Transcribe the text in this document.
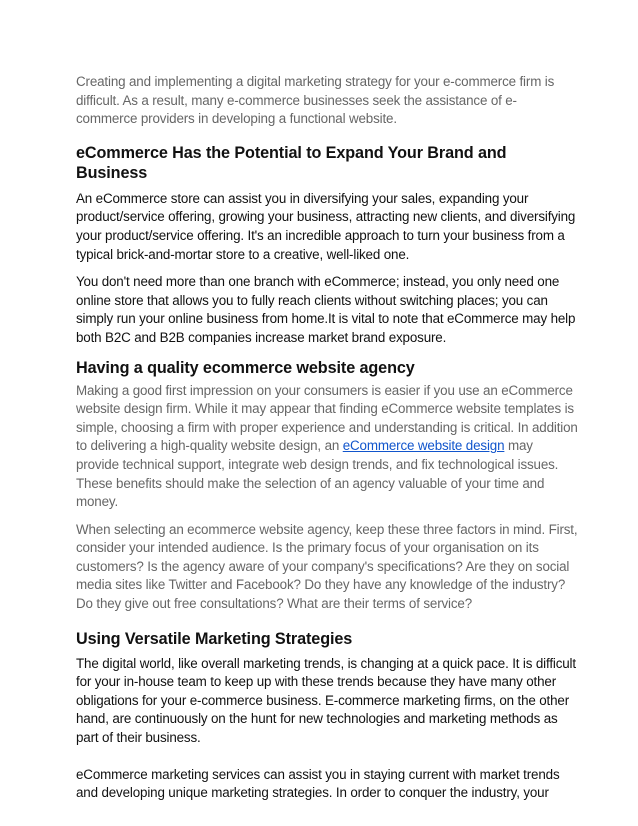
Creating and implementing a digital marketing strategy for your e-commerce firm is difficult. As a result, many e-commerce businesses seek the assistance of e-commerce providers in developing a functional website.

eCommerce Has the Potential to Expand Your Brand and Business

An eCommerce store can assist you in diversifying your sales, expanding your product/service offering, growing your business, attracting new clients, and diversifying your product/service offering. It's an incredible approach to turn your business from a typical brick-and-mortar store to a creative, well-liked one.

You don't need more than one branch with eCommerce; instead, you only need one online store that allows you to fully reach clients without switching places; you can simply run your online business from home.It is vital to note that eCommerce may help both B2C and B2B companies increase market brand exposure.

Having a quality ecommerce website agency

Making a good first impression on your consumers is easier if you use an eCommerce website design firm. While it may appear that finding eCommerce website templates is simple, choosing a firm with proper experience and understanding is critical. In addition to delivering a high-quality website design, an eCommerce website design may provide technical support, integrate web design trends, and fix technological issues. These benefits should make the selection of an agency valuable of your time and money.

When selecting an ecommerce website agency, keep these three factors in mind. First, consider your intended audience. Is the primary focus of your organisation on its customers? Is the agency aware of your company's specifications? Are they on social media sites like Twitter and Facebook? Do they have any knowledge of the industry? Do they give out free consultations? What are their terms of service?

Using Versatile Marketing Strategies

The digital world, like overall marketing trends, is changing at a quick pace. It is difficult for your in-house team to keep up with these trends because they have many other obligations for your e-commerce business. E-commerce marketing firms, on the other hand, are continuously on the hunt for new technologies and marketing methods as part of their business.

eCommerce marketing services can assist you in staying current with market trends and developing unique marketing strategies. In order to conquer the industry, your
